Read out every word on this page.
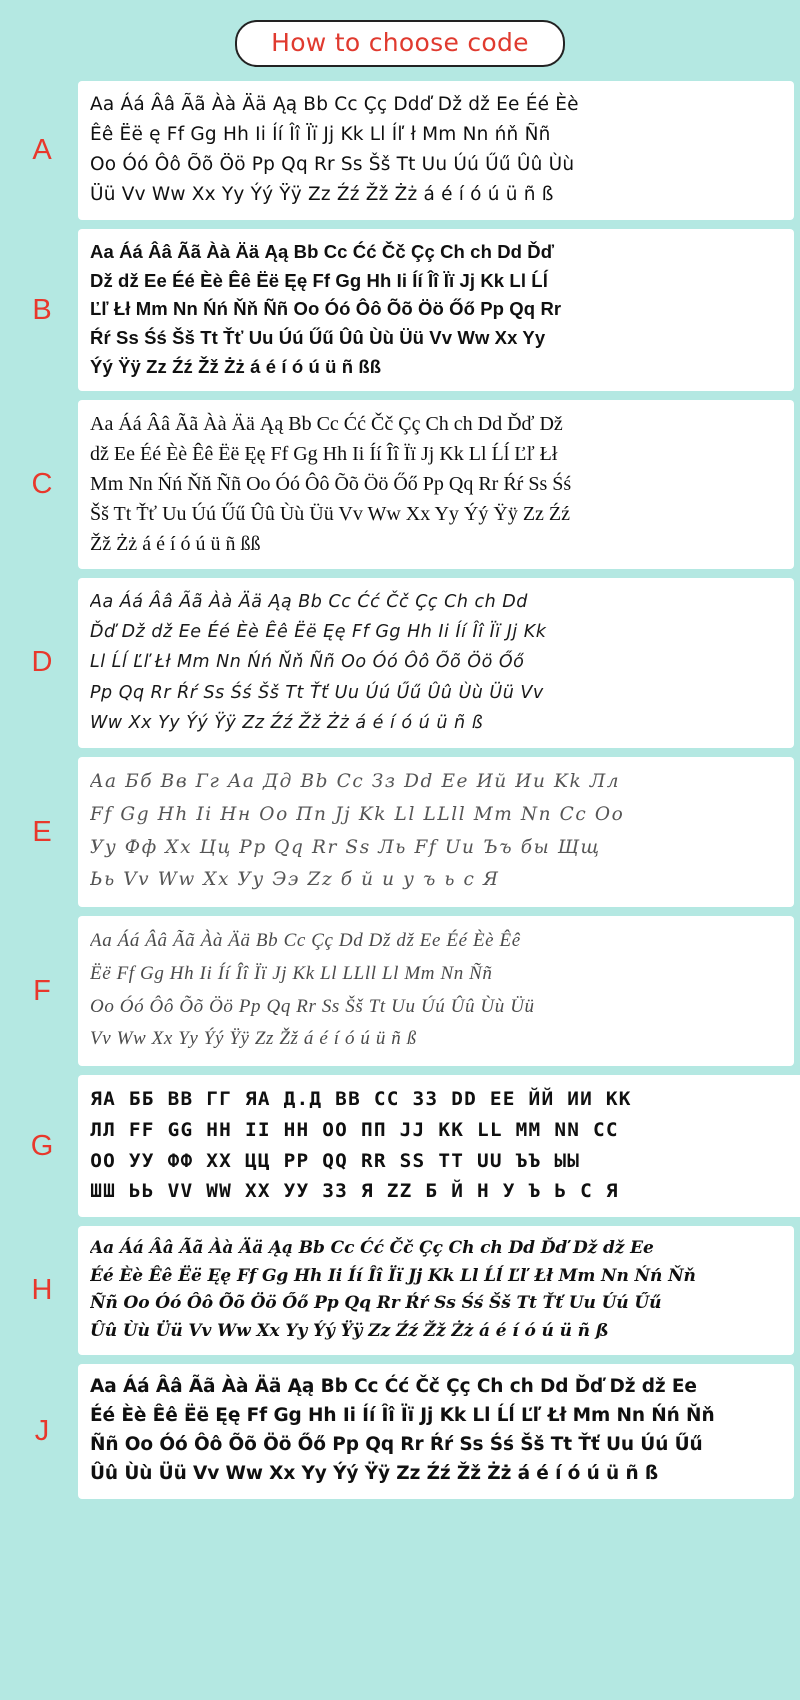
How to choose code
A
Aa Áá Ââ Ãã Àà Ää Ąą Bb Cc Çç Ddď Dž dž Ee Éé Èè
Êê Ëë ę Ff Gg Hh Ii Íí Îî Ïï Jj Kk Ll Íľ ł Mm Nn ńň Ññ
Oo Óó Ôô Õõ Öö Pp Qq Rr Ss Šš Tt Uu Úú Űű Ûû Ùù
Üü Vv Ww Xx Yy Ýý Ÿÿ Zz Źź Žž Żż á é í ó ú ü ñ ß
B
Aa Áá Ââ Ãã Àà Ää Ąą Bb Cc Ćć Čč Çç Ch ch Dd Ďď
Dž dž Ee Éé Èè Êê Ëë Ęę Ff Gg Hh Ii Íí Îî Ïï Jj Kk Ll Ĺĺ
Ľľ Łł Mm Nn Ńń Ňň Ññ Oo Óó Ôô Õõ Öö Őő Pp Qq Rr
Ŕŕ Ss Śś Šš Tt Ťť Uu Úú Űű Ûû Ùù Üü Vv Ww Xx Yy
Ýý Ÿÿ Zz Źź Žž Żż á é í ó ú ü ñ ßß
C
Aa Áá Ââ Ãã Àà Ää Ąą Bb Cc Ćć Čč Çç Ch ch Dd Ďď Dž
dž Ee Éé Èè Êê Ëë Ęę Ff Gg Hh Ii Íí Îî Ïï Jj Kk Ll Ĺĺ Ľľ Łł
Mm Nn Ńń Ňň Ññ Oo Óó Ôô Õõ Öö Őő Pp Qq Rr Ŕŕ Ss Śś
Šš Tt Ťť Uu Úú Űű Ûû Ùù Üü Vv Ww Xx Yy Ýý Ÿÿ Zz Źź
Žž Żż á é í ó ú ü ñ ßß
D
Aa Áá Ââ Ãã Àà Ää Ąą Bb Cc Ćć Čč Çç Ch ch Dd
Ďď Dž dž Ee Éé Èè Êê Ëë Ęę Ff Gg Hh Ii Íí Îî Ïï Jj Kk
Ll Ĺĺ Ľľ Łł Mm Nn Ńń Ňň Ññ Oo Óó Ôô Õõ Öö Őő
Pp Qq Rr Ŕŕ Ss Śś Šš Tt Ťť Uu Úú Űű Ûû Ùù Üü Vv
Ww Xx Yy Ýý Ÿÿ Zz Źź Žž Żż á é í ó ú ü ñ ß
E
Aa Бб Вв Гг Aa Дд Bb Cc Зз Dd Ee Ий Ии Kk Лл
Ff Gg Hh Ii Нн Oo Пп Jj Kk Ll LLll Mm Nn Cc Oo
Уу Фф Xx Цц Pp Qq Rr Ss Ль Ff Uu Ъъ бы Щщ
Ьь Vv Ww Xx Уу Ээ Zz б й и у ъ ь с Я
F
Aa Áá Ââ Ãã Àà Ää Bb Cc Çç Dd Dž dž Ee Éé Èè Êê
Ëë Ff Gg Hh Ii Íí Îî Ïï Jj Kk Ll LLll Ll Mm Nn Ññ
Oo Óó Ôô Õõ Öö Pp Qq Rr Ss Šš Tt Uu Úú Ûû Ùù Üü
Vv Ww Xx Yy Ýý Ÿÿ Zz Žž á é í ó ú ü ñ ß
G
ЯА ББ ВВ ГГ ЯА Д.Д ВВ СС ЗЗ DD ЕЕ ЙЙ ИИ КК
ЛЛ FF GG HH II НН ОО ПП JJ КК LL MM NN CC
ОО УУ ФФ ХХ ЦЦ PP QQ RR SS TT UU ЪЪ ЫЫ
ШШ ЬЬ VV WW XX УУ ЗЗ Я ZZ Б Й Н У Ъ Ь С Я
H
Aa Áá Ââ Ãã Àà Ää Ąą Bb Cc Ćć Čč Çç Ch ch Dd Ďď Dž dž Ee
Éé Èè Êê Ëë Ęę Ff Gg Hh Ii Íí Îî Ïï Jj Kk Ll Ĺĺ Ľľ Łł Mm Nn Ńń Ňň
Ññ Oo Óó Ôô Õõ Öö Őő Pp Qq Rr Ŕŕ Ss Śś Šš Tt Ťť Uu Úú Űű
Ûû Ùù Üü Vv Ww Xx Yy Ýý Ÿÿ Zz Źź Žž Żż á é í ó ú ü ñ ß
J
Aa Áá Ââ Ãã Àà Ää Ąą Bb Cc Ćć Čč Çç Ch ch Dd Ďď Dž dž Ee
Éé Èè Êê Ëë Ęę Ff Gg Hh Ii Íí Îî Ïï Jj Kk Ll Ĺĺ Ľľ Łł Mm Nn Ńń Ňň
Ññ Oo Óó Ôô Õõ Öö Őő Pp Qq Rr Ŕŕ Ss Śś Šš Tt Ťť Uu Úú Űű
Ûû Ùù Üü Vv Ww Xx Yy Ýý Ÿÿ Zz Źź Žž Żż á é í ó ú ü ñ ß
